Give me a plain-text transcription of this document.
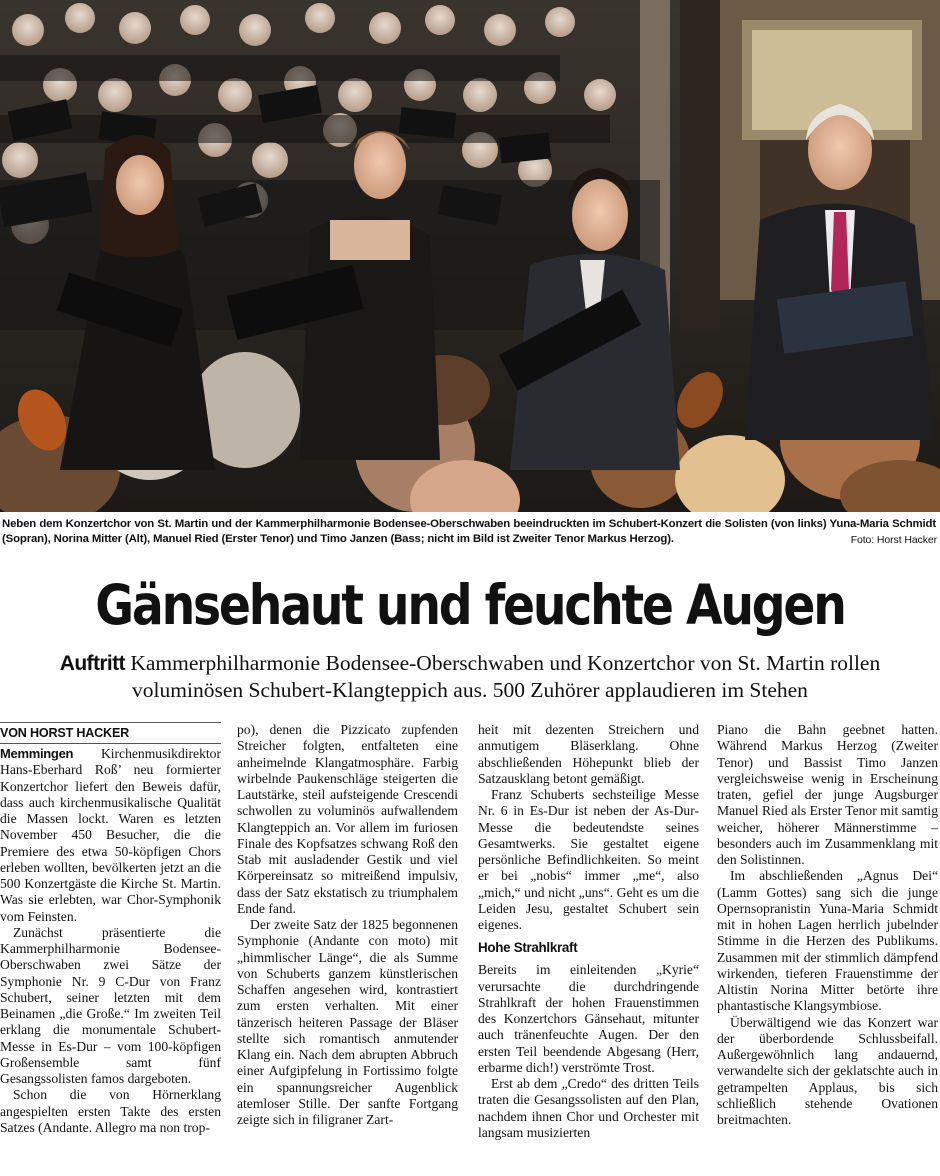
Neben dem Konzertchor von St. Martin und der Kammerphilharmonie Bodensee-Oberschwaben beeindruckten im Schubert-Konzert die Solisten (von links) Yuna-Maria Schmidt (Sopran), Norina Mitter (Alt), Manuel Ried (Erster Tenor) und Timo Janzen (Bass; nicht im Bild ist Zweiter Tenor Markus Herzog).	Foto: Horst Hacker
Gänsehaut und feuchte Augen

Auftritt Kammerphilharmonie Bodensee-Oberschwaben und Konzertchor von St. Martin rollen voluminösen Schubert-Klangteppich aus. 500 Zuhörer applaudieren im Stehen

VON HORST HACKER

Memmingen Kirchenmusikdirektor Hans-Eberhard Roß’ neu formierter Konzertchor liefert den Beweis dafür, dass auch kirchenmusikalische Qualität die Massen lockt. Waren es letzten November 450 Besucher, die die Premiere des etwa 50-köpfigen Chors erleben wollten, bevölkerten jetzt an die 500 Konzertgäste die Kirche St. Martin. Was sie erlebten, war Chor-Symphonik vom Feinsten.

Zunächst präsentierte die Kammerphilharmonie Bodensee-Oberschwaben zwei Sätze der Symphonie Nr. 9 C-Dur von Franz Schubert, seiner letzten mit dem Beinamen „die Große.“ Im zweiten Teil erklang die monumentale Schubert-Messe in Es-Dur – vom 100-köpfigen Großensemble samt fünf Gesangssolisten famos dargeboten.

Schon die von Hörnerklang angespielten ersten Takte des ersten Satzes (Andante. Allegro ma non trop-

po), denen die Pizzicato zupfenden Streicher folgten, entfalteten eine anheimelnde Klangatmosphäre. Farbig wirbelnde Paukenschläge steigerten die Lautstärke, steil aufsteigende Crescendi schwollen zu voluminös aufwallendem Klangteppich an. Vor allem im furiosen Finale des Kopfsatzes schwang Roß den Stab mit ausladender Gestik und viel Körpereinsatz so mitreißend impulsiv, dass der Satz ekstatisch zu triumphalem Ende fand.

Der zweite Satz der 1825 begonnenen Symphonie (Andante con moto) mit „himmlischer Länge“, die als Summe von Schuberts ganzem künstlerischen Schaffen angesehen wird, kontrastiert zum ersten verhalten. Mit einer tänzerisch heiteren Passage der Bläser stellte sich romantisch anmutender Klang ein. Nach dem abrupten Abbruch einer Aufgipfelung in Fortissimo folgte ein spannungsreicher Augenblick atemloser Stille. Der sanfte Fortgang zeigte sich in filigraner Zart-

heit mit dezenten Streichern und anmutigem Bläserklang. Ohne abschließenden Höhepunkt blieb der Satzausklang betont gemäßigt.

Franz Schuberts sechsteilige Messe Nr. 6 in Es-Dur ist neben der As-Dur-Messe die bedeutendste seines Gesamtwerks. Sie gestaltet eigene persönliche Befindlichkeiten. So meint er bei „nobis“ immer „me“, also „mich,“ und nicht „uns“. Geht es um die Leiden Jesu, gestaltet Schubert sein eigenes.

Hohe Strahlkraft

Bereits im einleitenden „Kyrie“ verursachte die durchdringende Strahlkraft der hohen Frauenstimmen des Konzertchors Gänsehaut, mitunter auch tränenfeuchte Augen. Der den ersten Teil beendende Abgesang (Herr, erbarme dich!) verströmte Trost.

Erst ab dem „Credo“ des dritten Teils traten die Gesangssolisten auf den Plan, nachdem ihnen Chor und Orchester mit langsam musizierten

Piano die Bahn geebnet hatten. Während Markus Herzog (Zweiter Tenor) und Bassist Timo Janzen vergleichsweise wenig in Erscheinung traten, gefiel der junge Augsburger Manuel Ried als Erster Tenor mit samtig weicher, höherer Männerstimme – besonders auch im Zusammenklang mit den Solistinnen.

Im abschließenden „Agnus Dei“ (Lamm Gottes) sang sich die junge Opernsopranistin Yuna-Maria Schmidt mit in hohen Lagen herrlich jubelnder Stimme in die Herzen des Publikums. Zusammen mit der stimmlich dämpfend wirkenden, tieferen Frauenstimme der Altistin Norina Mitter betörte ihre phantastische Klangsymbiose.

Überwältigend wie das Konzert war der überbordende Schlussbeifall. Außergewöhnlich lang andauernd, verwandelte sich der geklatschte auch in getrampelten Applaus, bis sich schließlich stehende Ovationen breitmachten.
